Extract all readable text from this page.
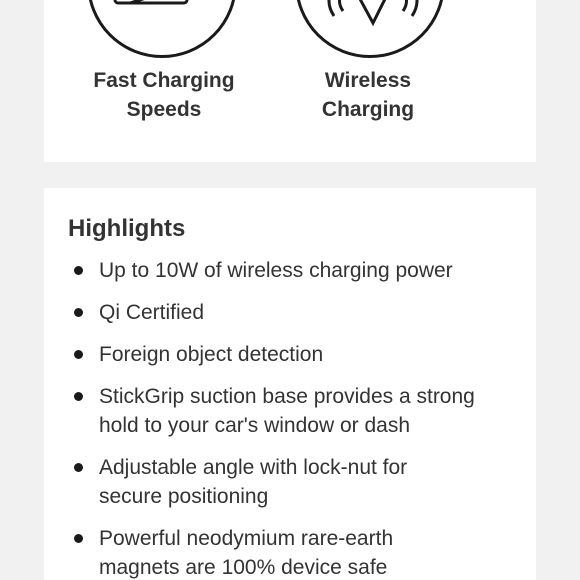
Fast Charging
Speeds
Wireless
Charging
Highlights
Up to 10W of wireless charging power
Qi Certified
Foreign object detection
StickGrip suction base provides a strong
hold to your car's window or dash
Adjustable angle with lock-nut for
secure positioning
Powerful neodymium rare-earth
magnets are 100% device safe
